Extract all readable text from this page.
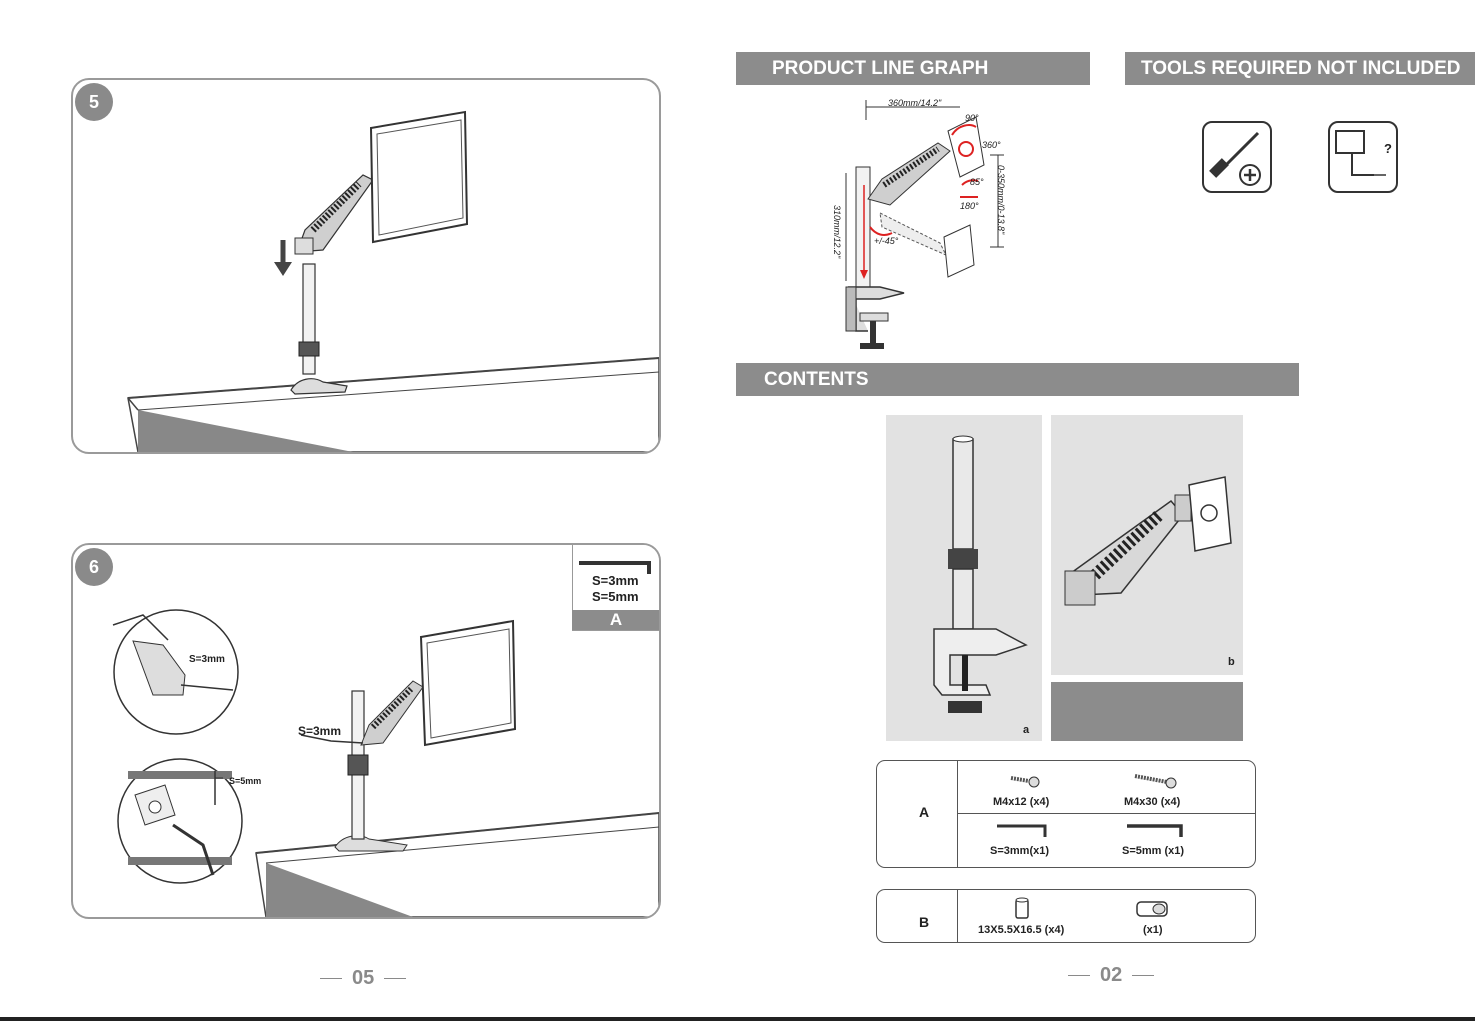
5
6
S=3mm
S=5mm
A
S=3mm
S=5mm
S=3mm
05
PRODUCT LINE GRAPH	TOOLS REQUIRED NOT INCLUDED
360mm/14.2"
90°
360°
85°
180°
+/-45°
0-350mm/0-13.8"
310mm/12.2"
?
CONTENTS
a
b
A
M4x12 (x4)	M4x30 (x4)
S=3mm(x1)	S=5mm (x1)
B	13X5.5X16.5 (x4)	(x1)
02
